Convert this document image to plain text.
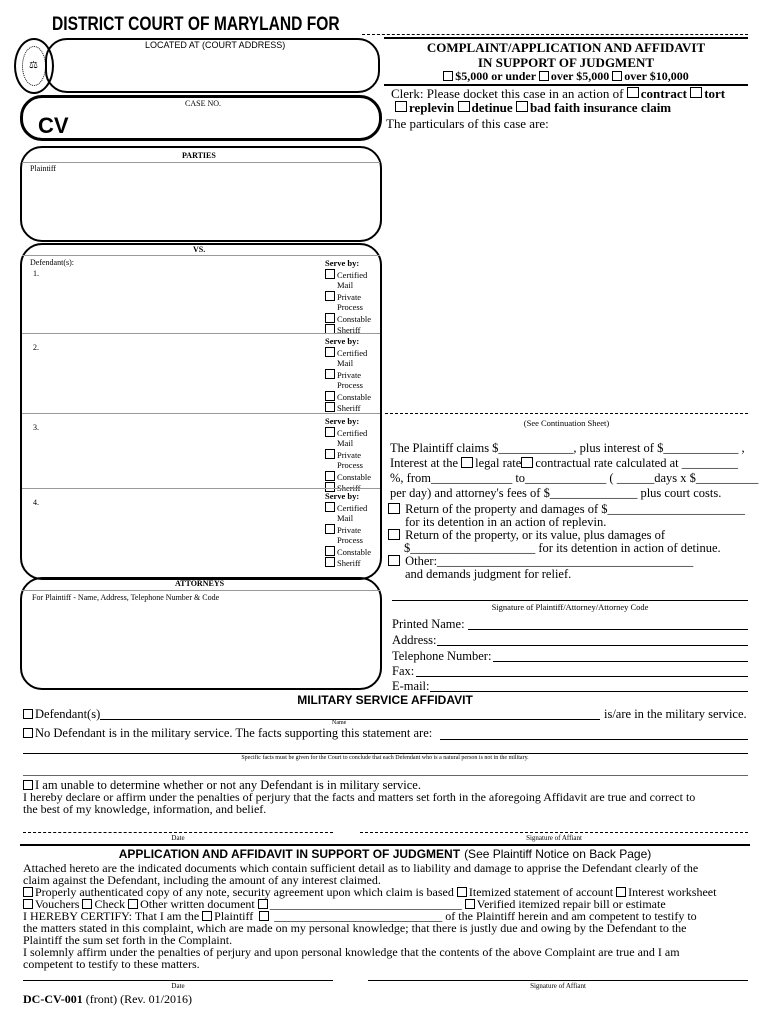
⚖
DISTRICT COURT OF MARYLAND FOR
LOCATED AT (COURT ADDRESS)
CASE NO.
CV
COMPLAINT/APPLICATION AND AFFIDAVIT
IN SUPPORT OF JUDGMENT
$5,000 or under over $5,000 over $10,000
Clerk: Please docket this case in an action of contract tort
replevin detinue bad faith insurance claim
The particulars of this case are:
PARTIES
Plaintiff
VS.
Defendant(s):
1.
Serve by:
Certified Mail
Private Process
Constable
Sheriff
2.
Serve by:
Certified Mail
Private Process
Constable
Sheriff
3.
Serve by:
Certified Mail
Private Process
Constable
Sheriff
4.
Serve by:
Certified Mail
Private Process
Constable
Sheriff
ATTORNEYS
For Plaintiff - Name, Address, Telephone Number & Code
(See Continuation Sheet)
The Plaintiff claims $____________, plus interest of $____________ ,
Interest at the legal rate contractual rate calculated at _________
%, from_____________ to_____________ ( ______days x $__________
per day) and attorney's fees of $______________ plus court costs.
Return of the property and damages of $______________________
for its detention in an action of replevin.
Return of the property, or its value, plus damages of
$____________________ for its detention in action of detinue.
Other:_________________________________________
and demands judgment for relief.
Signature of Plaintiff/Attorney/Attorney Code
Printed Name:
Address:
Telephone Number:
Fax:
E-mail:
MILITARY SERVICE AFFIDAVIT
Defendant(s)	is/are in the military service.
Name
No Defendant is in the military service. The facts supporting this statement are:
Specific facts must be given for the Court to conclude that each Defendant who is a natural person is not in the military.
I am unable to determine whether or not any Defendant is in military service.
I hereby declare or affirm under the penalties of perjury that the facts and matters set forth in the aforegoing Affidavit are true and correct to
the best of my knowledge, information, and belief.
Date	Signature of Affiant
APPLICATION AND AFFIDAVIT IN SUPPORT OF JUDGMENT (See Plaintiff Notice on Back Page)
Attached hereto are the indicated documents which contain sufficient detail as to liability and damage to apprise the Defendant clearly of the
claim against the Defendant, including the amount of any interest claimed.
Properly authenticated copy of any note, security agreement upon which claim is based Itemized statement of account Interest worksheet
Vouchers Check Other written document ________________________________ Verified itemized repair bill or estimate
I HEREBY CERTIFY: That I am the Plaintiff ____________________________ of the Plaintiff herein and am competent to testify to
the matters stated in this complaint, which are made on my personal knowledge; that there is justly due and owing by the Defendant to the
Plaintiff the sum set forth in the Complaint.
I solemnly affirm under the penalties of perjury and upon personal knowledge that the contents of the above Complaint are true and I am
competent to testify to these matters.
Date	Signature of Affiant
DC-CV-001 (front) (Rev. 01/2016)
